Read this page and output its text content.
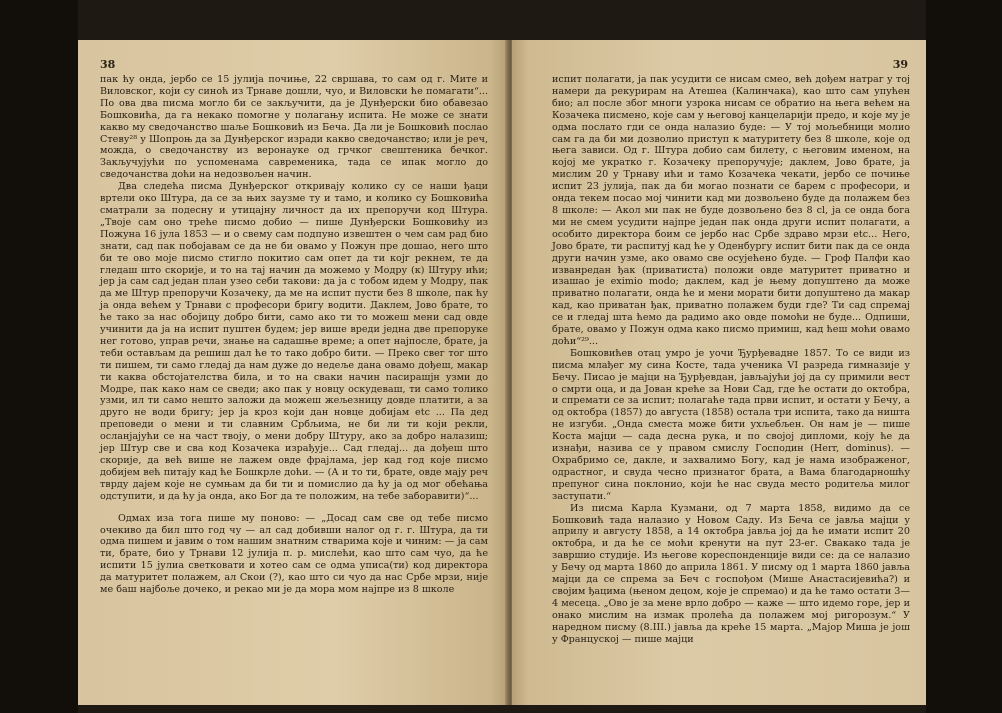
38

пак ћу онда, јербо се 15 јулија почиње, 22 свршава, то сам од г. Мите и Виловског, који су синоћ из Трнаве дошли, чуо, и Виловски ће помагати“... По ова два писма могло би се закључити, да је Дунђерски био обавезао Бошковића, да га некако помогне у полагању испита. Не може се знати какво му сведочанство шаље Бошковић из Беча. Да ли је Бошковић послао Стеву²⁸ у Шопроњ да за Дунђерског изради какво сведочанство; или је реч, можда, о сведочанству из веронауке од грчког свештеника бечког. Закључујући по успоменама савременика, тада се ипак могло до сведочанства доћи на недозвољен начин.

Два следећа писма Дунђерског откривају колико су се наши ђаци вртели око Штура, да се за њих заузме ту и тамо, и колико су Бошковића сматрали за подесну и утицајну личност да их препоручи код Штура. „Твоје сам оно треће писмо добио — пише Дунђерски Бошковићу из Пожуна 16 јула 1853 — и о свему сам подпуно извештен о чем сам рад био знати, сад пак побојавам се да не би овамо у Пожун пре дошао, него што би те ово моје писмо стигло покитио сам опет да ти којг рекнем, те да гледаш што скорије, и то на тај начин да можемо у Модру (к) Штуру ићи; јер ја сам сад један план узео себи такови: да ја с тобом идем у Модру, пак да ме Штур препоручи Козачеку, да ме на испит пусти без 8 школе, пак ћу ја онда већем у Трнави с професори бригу водити. Даклем, Јово брате, то ће тако за нас обојицу добро бити, само ако ти то можеш мени сад овде учинити да ја на испит пуштен будем; јер више вреди једна две препоруке нег готово, управ речи, знање на садашње време; а опет најпосле, брате, ја теби остављам да решиш дал ће то тако добро бити. — Преко свег тог што ти пишем, ти само гледај да нам дуже до недеље дана овамо дођеш, макар ти каква обстојателства била, и то на сваки начин пасирашјн узми до Модре, пак како нам се сведи; ако пак у новцу оскудеваш, ти само толико узми, ил ти само нешто заложи да можеш жељезницу довде платити, а за друго не води бригу; јер ја кроз који дан новце добијам etc ... Па дед преповеди о мени и ти славним Србљима, не би ли ти који рекли, осланјајући се на част твоју, о мени добру Штуру, ако за добро налазиш; јер Штур све и сва код Козачека израђује... Сад гледај... да дођеш што скорије, да већ више не лажем овде фрајлама, јер кад год које писмо добијем већ питају кад ће Бошкрле доћи. — (А и то ти, брате, овде мају реч тврду дајем које не сумњам да би ти и помислио да ћу ја од мог обећања одступити, и да ћу ја онда, ако Бог да те положим, на тебе заборавити)“...

Одмах иза тога пише му поново: — „Досад сам све од тебе писмо очекиво да бил што год чу — ал сад добивши налог од г. г. Штура, да ти одма пишем и јавим о том нашим знатним стварима које и чиним: — ја сам ти, брате, био у Трнави 12 јулија п. р. мислећи, као што сам чуо, да ће испити 15 јулиа светковати и хотео сам се одма уписа(ти) код директора да матуритет полажем, ал Скои (?), као што си чуо да нас Србе мрзи, није ме баш најбоље дочеко, и рекао ми је да мора мом најпре из 8 школе

39

испит полагати, ја пак усудити се нисам смео, већ дођем натраг у тој намери да рекурирам на Атешеа (Калинчака), као што сам упућен био; ал после због многи узрока нисам се обратио на њега већем на Козачека писмено, које сам у његовој канцеларији предо, и које му је одма послато гди се онда налазио буде: — У тој мољебници молио сам га да би ми дозволио приступ к матуритету без 8 школе, које од њега зависи. Од г. Штура добио сам билету, с његовим именом, на којој ме укратко г. Козачеку препоручује; даклем, Јово брате, ја мислим 20 у Трнаву ићи и тамо Козачека чекати, јербо се почиње испит 23 јулија, пак да би могао познати се барем с професори, и онда текем посао мој чинити кад ми дозвољено буде да полажем без 8 школе: — Акол ми пак не буде дозвољено без 8 cl, ја се онда бога ми не смем усудити најпре један пак онда други испит полагати, а особито директора боим се јербо нас Србе здраво мрзи etc... Него, Јово брате, ти распитуј кад ће у Оденбургу испит бити пак да се онда други начин узме, ако овамо све осујећено буде. — Гроф Палфи као изванредан ђак (приватиста) положи овде матуритет приватно и изашао је eximio modo; даклем, кад је њему допуштено да може приватно полагати, онда ће и мени морати бити допуштено да макар кад, као приватан ђак, приватно полажем буди где? Ти сад спремај се и гледај шта ћемо да радимо ако овде помоћи не буде... Одпиши, брате, овамо у Пожун одма како писмо примиш, кад ћеш моћи овамо доћи“²⁹...

Бошковићев отац умро је уочи Ђурђевадне 1857. То се види из писма млађег му сина Косте, тада ученика VI разреда гимназије у Бечу. Писао је мајци на Ђурђевдан, јављајући јој да су примили вест о смрти оца, и да Јован креће за Нови Сад, где ће остати до октобра, и спремати се за испит; полагаће тада први испит, и остати у Бечу, а од октобра (1857) до августа (1858) остала три испита, тако да ништа не изгуби. „Онда сместа може бити ухљебљен. Он нам је — пише Коста мајци — сада десна рука, и по својој дипломи, коју ће да изнађи, назива се у правом смислу Господин (Herr, dominus). — Охрабримо се, дакле, и захвалимо Богу, кад је нама изображеног, одрастног, и свуда чесно признатог брата, а Вама благодарношћу препуног сина поклонио, који ће нас свуда место родитеља милог заступати.“

Из писма Карла Кузмани, од 7 марта 1858, видимо да се Бошковић тада налазио у Новом Саду. Из Беча се јавља мајци у априлу и августу 1858, а 14 октобра јавља јој да ће имати испит 20 октобра, и да ће се моћи кренути на пут 23-ег. Свакако тада је завршио студије. Из његове кореспонденције види се: да се налазио у Бечу од марта 1860 до априла 1861. У писму од 1 марта 1860 јавља мајци да се спрема за Беч с госпођом (Мише Анастасијевића?) и својим ђацима (њеном децом, које је спремао) и да ће тамо остати 3—4 месеца. „Ово је за мене врло добро — каже — што идемо горе, јер и онако мислим на измак пролећа да полажем мој ригорозум.“ У наредном писму (8.III.) јавља да креће 15 марта. „Мајор Миша је још у Француској — пише мајци
